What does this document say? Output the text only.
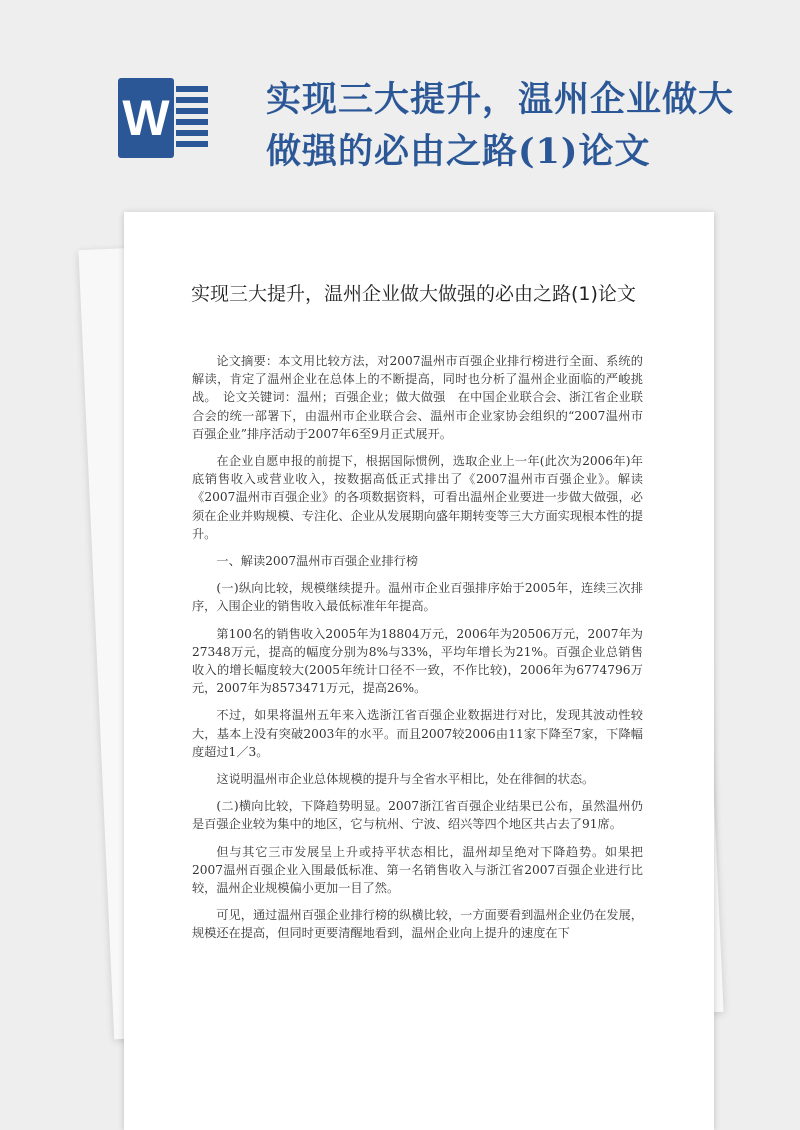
W	实现三大提升，温州企业做大做强的必由之路(1)论文
实现三大提升，温州企业做大做强的必由之路(1)论文

论文摘要：本文用比较方法，对2007温州市百强企业排行榜进行全面、系统的解读，肯定了温州企业在总体上的不断提高，同时也分析了温州企业面临的严峻挑战。　论文关键词：温州；百强企业；做大做强　在中国企业联合会、浙江省企业联合会的统一部署下，由温州市企业联合会、温州市企业家协会组织的“2007温州市百强企业”排序活动于2007年6至9月正式展开。

在企业自愿申报的前提下，根据国际惯例，选取企业上一年(此次为2006年)年底销售收入或营业收入，按数据高低正式排出了《2007温州市百强企业》。解读《2007温州市百强企业》的各项数据资料，可看出温州企业要进一步做大做强，必须在企业并购规模、专注化、企业从发展期向盛年期转变等三大方面实现根本性的提升。

一、解读2007温州市百强企业排行榜

(一)纵向比较，规模继续提升。温州市企业百强排序始于2005年，连续三次排序，入围企业的销售收入最低标准年年提高。

第100名的销售收入2005年为18804万元，2006年为20506万元，2007年为27348万元，提高的幅度分别为8%与33%，平均年增长为21%。百强企业总销售收入的增长幅度较大(2005年统计口径不一致，不作比较)，2006年为6774796万元，2007年为8573471万元，提高26%。

不过，如果将温州五年来入选浙江省百强企业数据进行对比，发现其波动性较大，基本上没有突破2003年的水平。而且2007较2006由11家下降至7家，下降幅度超过1／3。

这说明温州市企业总体规模的提升与全省水平相比，处在徘徊的状态。

(二)横向比较，下降趋势明显。2007浙江省百强企业结果已公布，虽然温州仍是百强企业较为集中的地区，它与杭州、宁波、绍兴等四个地区共占去了91席。

但与其它三市发展呈上升或持平状态相比，温州却呈绝对下降趋势。如果把2007温州百强企业入围最低标准、第一名销售收入与浙江省2007百强企业进行比较，温州企业规模偏小更加一目了然。

可见，通过温州百强企业排行榜的纵横比较，一方面要看到温州企业仍在发展，规模还在提高，但同时更要清醒地看到，温州企业向上提升的速度在下
